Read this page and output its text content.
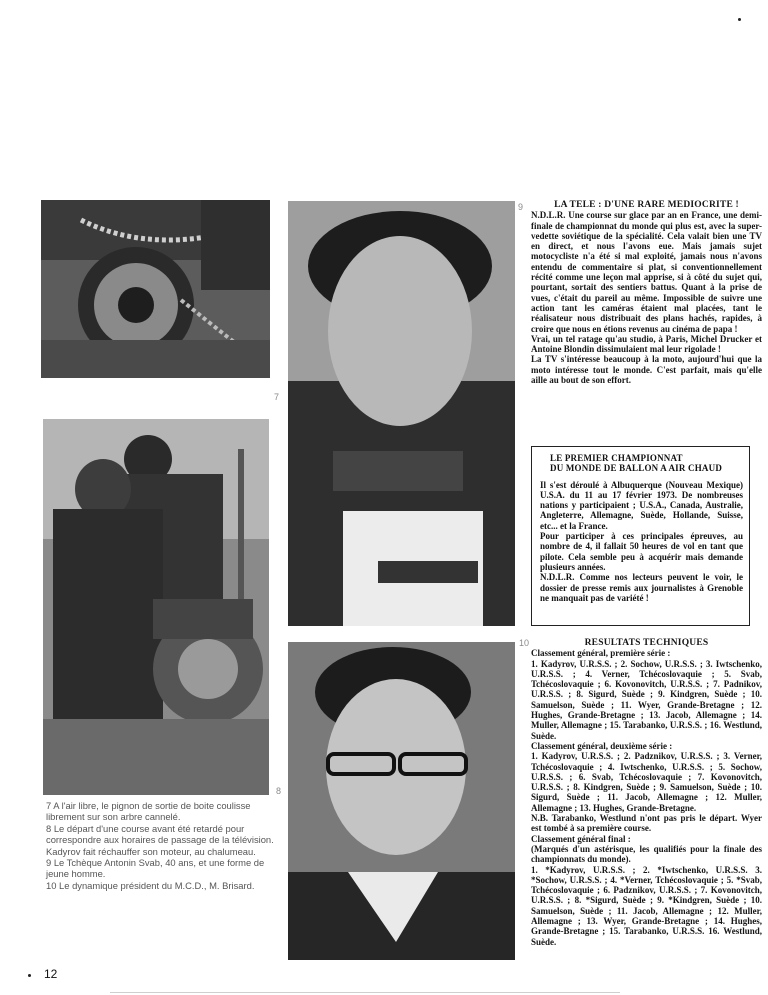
9
7
10
8

LA TELE : D'UNE RARE MEDIOCRITE !

N.D.L.R. Une course sur glace par an en France, une demi-finale de championnat du monde qui plus est, avec la super-vedette soviétique de la spécialité. Cela valait bien une TV en direct, et nous l'avons eue. Mais jamais sujet motocycliste n'a été si mal exploité, jamais nous n'avons entendu de commentaire si plat, si conventionnellement récité comme une leçon mal apprise, si à côté du sujet qui, pourtant, sortait des sentiers battus. Quant à la prise de vues, c'était du pareil au même. Impossible de suivre une action tant les caméras étaient mal placées, tant le réalisateur nous distribuait des plans hachés, rapides, à croire que nous en étions revenus au cinéma de papa !

Vrai, un tel ratage qu'au studio, à Paris, Michel Drucker et Antoine Blondin dissimulaient mal leur rigolade !

La TV s'intéresse beaucoup à la moto, aujourd'hui que la moto intéresse tout le monde. C'est parfait, mais qu'elle aille au bout de son effort.

LE PREMIER CHAMPIONNAT

DU MONDE DE BALLON A AIR CHAUD

Il s'est déroulé à Albuquerque (Nouveau Mexique) U.S.A. du 11 au 17 février 1973. De nombreuses nations y participaient ; U.S.A., Canada, Australie, Angleterre, Allemagne, Suède, Hollande, Suisse, etc... et la France.

Pour participer à ces principales épreuves, au nombre de 4, il fallait 50 heures de vol en tant que pilote. Cela semble peu à acquérir mais demande plusieurs années.

N.D.L.R. Comme nos lecteurs peuvent le voir, le dossier de presse remis aux journalistes à Grenoble ne manquait pas de variété !

RESULTATS TECHNIQUES

Classement général, première série :

1. Kadyrov, U.R.S.S. ; 2. Sochow, U.R.S.S. ; 3. Iwtschenko, U.R.S.S. ; 4. Verner, Tchécoslovaquie ; 5. Svab, Tchécoslovaquie ; 6. Kovonovitch, U.R.S.S. ; 7. Padnikov, U.R.S.S. ; 8. Sigurd, Suède ; 9. Kindgren, Suède ; 10. Samuelson, Suède ; 11. Wyer, Grande-Bretagne ; 12. Hughes, Grande-Bretagne ; 13. Jacob, Allemagne ; 14. Muller, Allemagne ; 15. Tarabanko, U.R.S.S. ; 16. Westlund, Suède.

Classement général, deuxième série :

1. Kadyrov, U.R.S.S. ; 2. Padznikov, U.R.S.S. ; 3. Verner, Tchécoslovaquie ; 4. Iwtschenko, U.R.S.S. ; 5. Sochow, U.R.S.S. ; 6. Svab, Tchécoslovaquie ; 7. Kovonovitch, U.R.S.S. ; 8. Kindgren, Suède ; 9. Samuelson, Suède ; 10. Sigurd, Suède ; 11. Jacob, Allemagne ; 12. Muller, Allemagne ; 13. Hughes, Grande-Bretagne.

N.B. Tarabanko, Westlund n'ont pas pris le départ. Wyer est tombé à sa première course.

Classement général final :

(Marqués d'un astérisque, les qualifiés pour la finale des championnats du monde).

1. *Kadyrov, U.R.S.S. ; 2. *Iwtschenko, U.R.S.S. 3. *Sochow, U.R.S.S. ; 4. *Verner, Tchécoslovaquie ; 5. *Svab, Tchécoslovaquie ; 6. Padznikov, U.R.S.S. ; 7. Kovonovitch, U.R.S.S. ; 8. *Sigurd, Suède ; 9. *Kindgren, Suède ; 10. Samuelson, Suède ; 11. Jacob, Allemagne ; 12. Muller, Allemagne ; 13. Wyer, Grande-Bretagne ; 14. Hughes, Grande-Bretagne ; 15. Tarabanko, U.R.S.S. 16. Westlund, Suède.

7 A l'air libre, le pignon de sortie de boite coulisse librement sur son arbre cannelé.

8 Le départ d'une course avant été retardé pour correspondre aux horaires de passage de la télévision. Kadyrov fait réchauffer son moteur, au chalumeau.

9 Le Tchèque Antonin Svab, 40 ans, et une forme de jeune homme.

10 Le dynamique président du M.C.D., M. Brisard.

12
